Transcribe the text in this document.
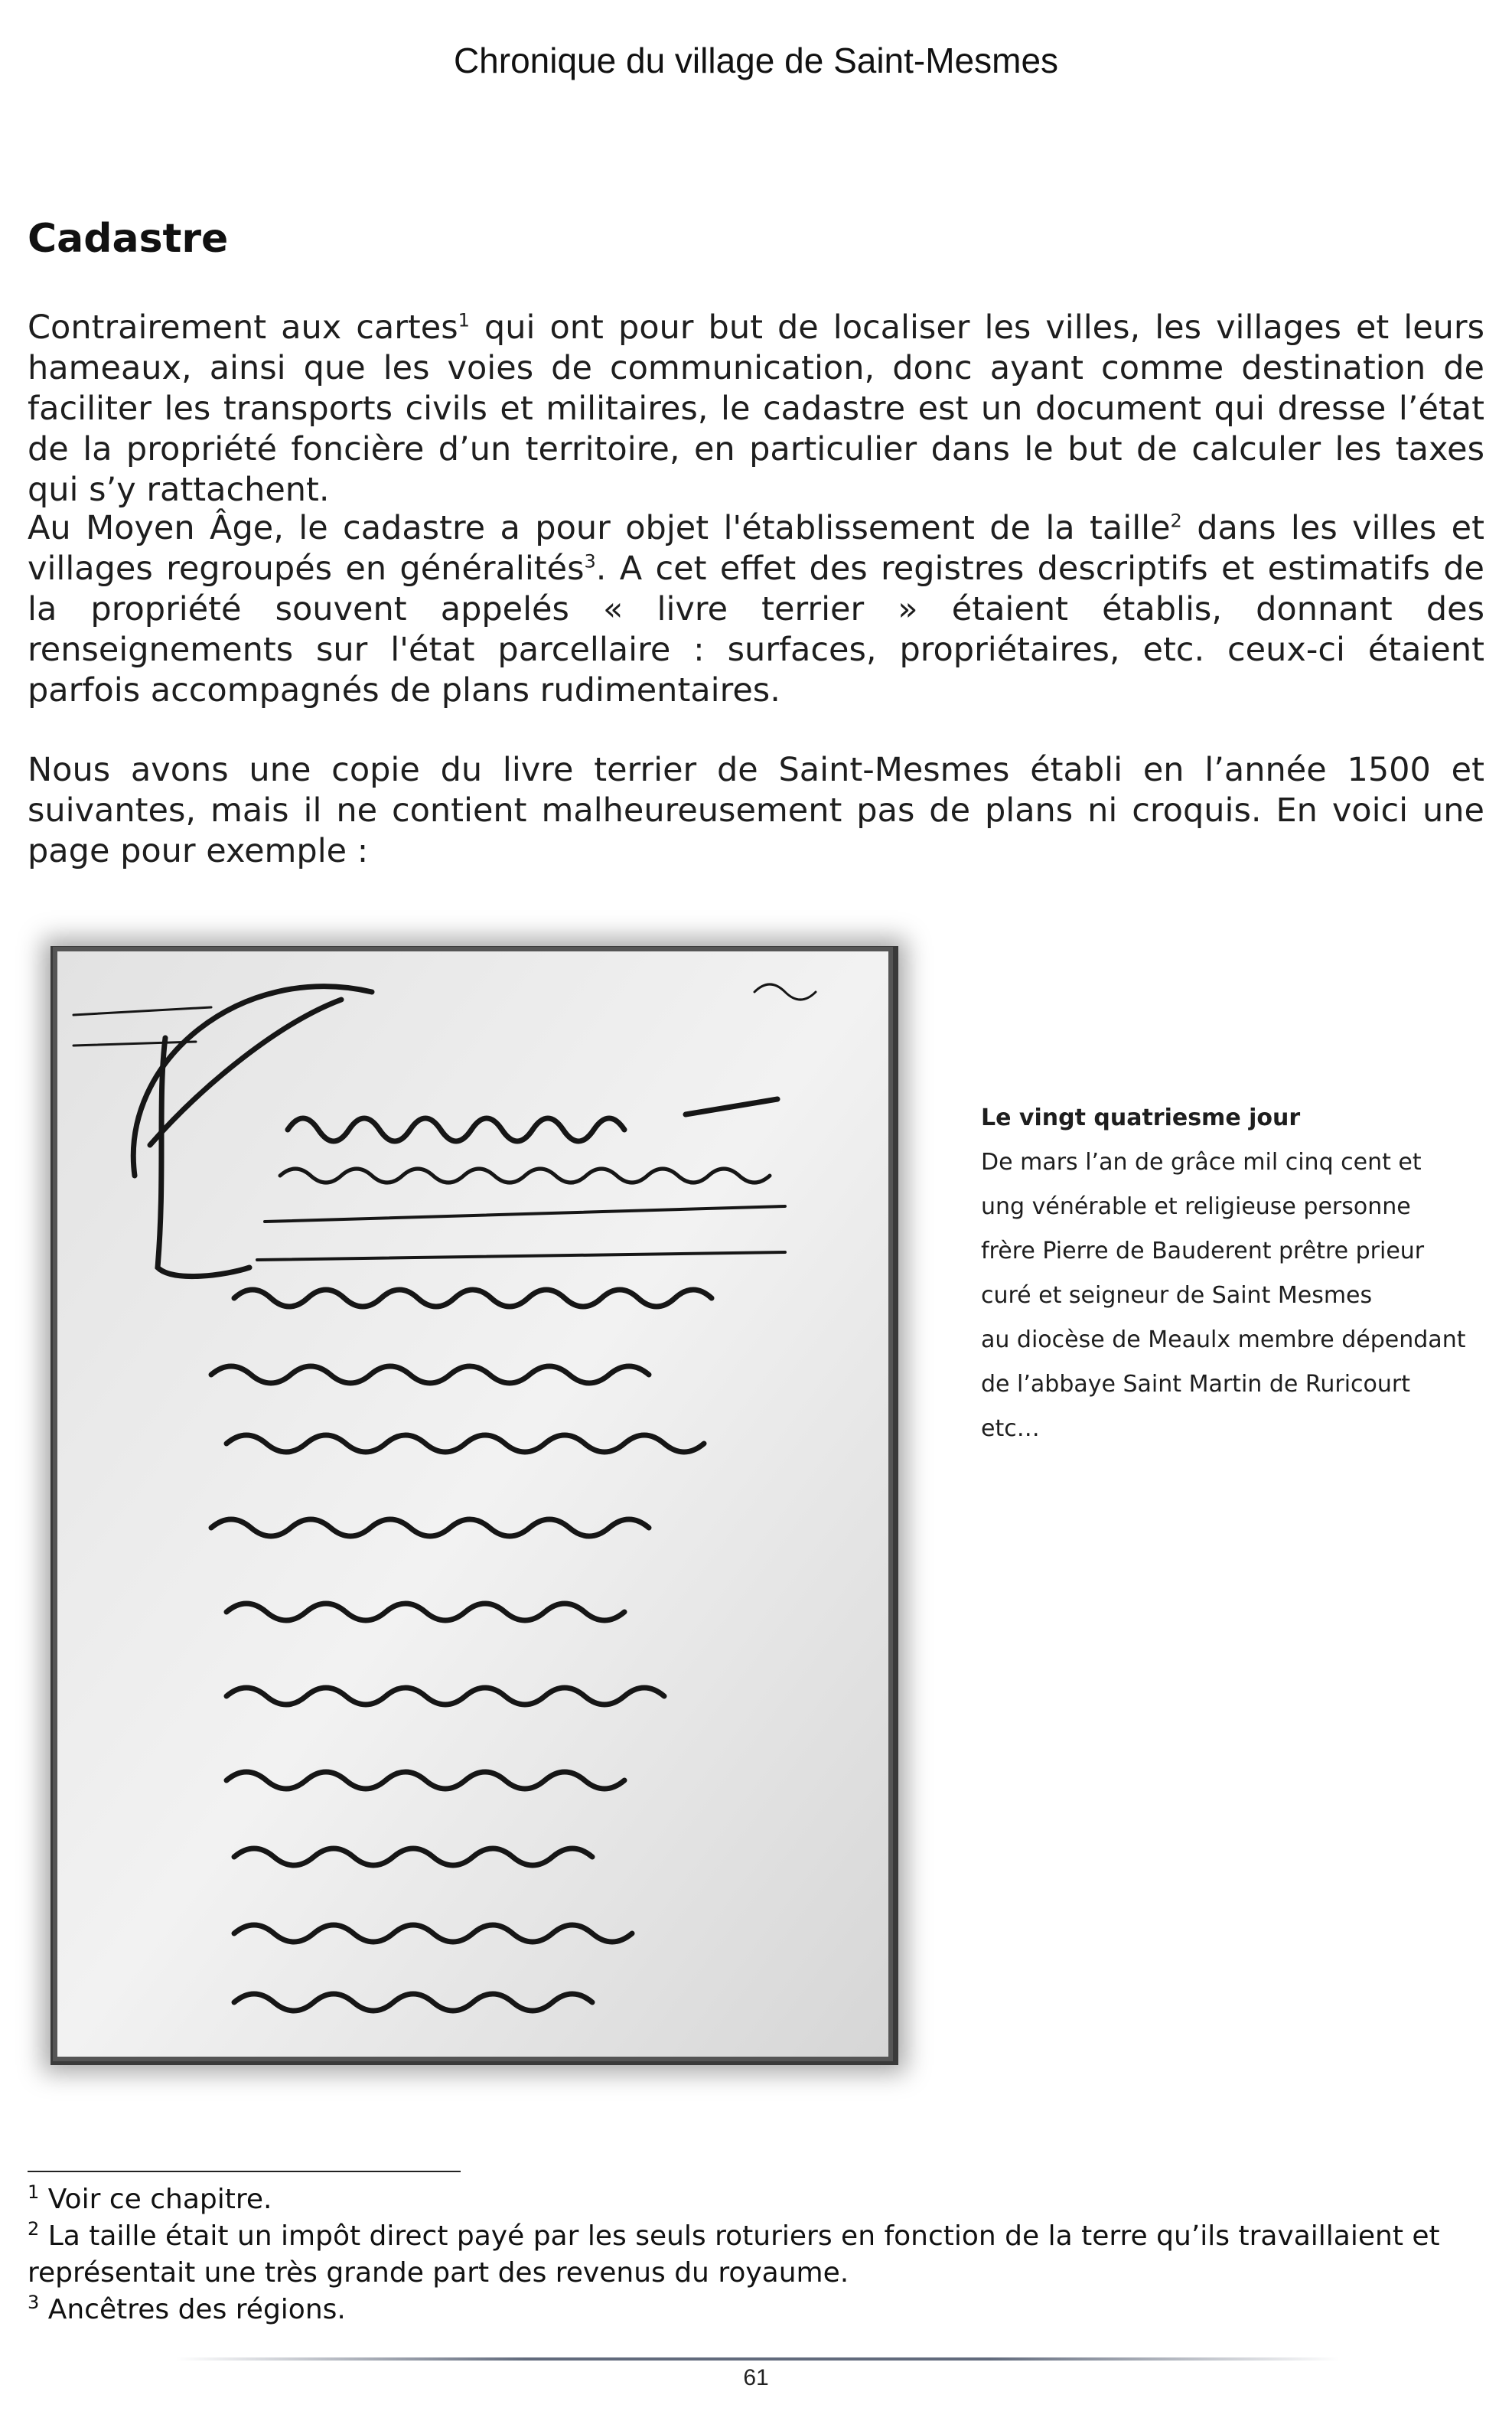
Chronique du village de Saint-Mesmes
Cadastre

Contrairement aux cartes$^1$ qui ont pour but de localiser les villes, les villages et leurs hameaux, ainsi que les voies de communication, donc ayant comme destination de faciliter les transports civils et militaires, le cadastre est un document qui dresse l’état de la propriété foncière d’un territoire, en particulier dans le but de calculer les taxes qui s’y rattachent.

Au Moyen Âge, le cadastre a pour objet l'établissement de la taille$^2$ dans les villes et villages regroupés en généralités$^3$. A cet effet des registres descriptifs et estimatifs de la propriété souvent appelés « livre terrier » étaient établis, donnant des renseignements sur l'état parcellaire : surfaces, propriétaires, etc. ceux-ci étaient parfois accompagnés de plans rudimentaires.

Nous avons une copie du livre terrier de Saint-Mesmes établi en l’année 1500 et suivantes, mais il ne contient malheureusement pas de plans ni croquis. En voici une page pour exemple :

Le vingt quatriesme jour
De mars l’an de grâce mil cinq cent et
ung vénérable et religieuse personne
frère Pierre de Bauderent prêtre prieur
curé et seigneur de Saint Mesmes
au diocèse de Meaulx membre dépendant
de l’abbaye Saint Martin de Ruricourt
etc…

$^1$ Voir ce chapitre.

$^2$ La taille était un impôt direct payé par les seuls roturiers en fonction de la terre qu’ils travaillaient et représentait une très grande part des revenus du royaume.

$^3$ Ancêtres des régions.

61
